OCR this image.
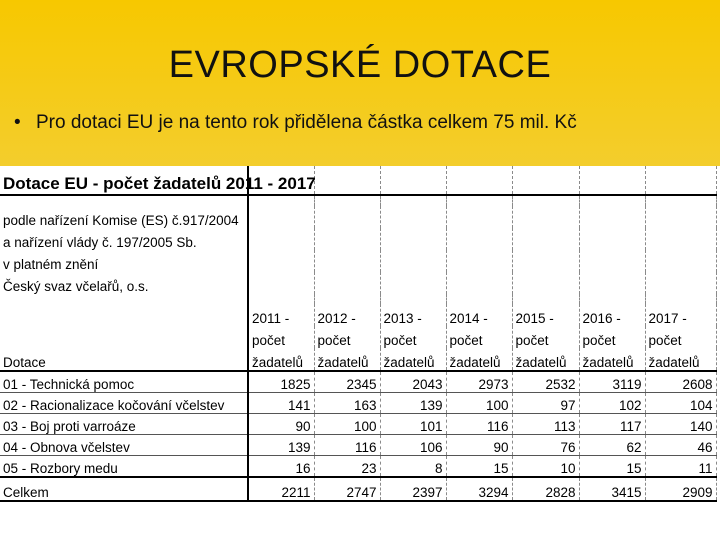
EVROPSKÉ DOTACE
• Pro dotaci EU je na tento rok přidělena částka celkem 75 mil. Kč
Dotace EU - počet žadatelů 2011 - 2017							

podle nařízení Komise (ES) č.917/2004							
a nařízení vlády č. 197/2005 Sb.							
v platném znění							
Český svaz včelařů, o.s.							

	2011 -	2012 -	2013 -	2014 -	2015 -	2016 -	2017 -
	počet	počet	počet	počet	počet	počet	počet
Dotace	žadatelů	žadatelů	žadatelů	žadatelů	žadatelů	žadatelů	žadatelů
01 - Technická pomoc	1825	2345	2043	2973	2532	3119	2608
02 - Racionalizace kočování včelstev	141	163	139	100	97	102	104
03 - Boj proti varroáze	90	100	101	116	113	117	140
04 - Obnova včelstev	139	116	106	90	76	62	46
05 - Rozbory medu	16	23	8	15	10	15	11
Celkem	2211	2747	2397	3294	2828	3415	2909
